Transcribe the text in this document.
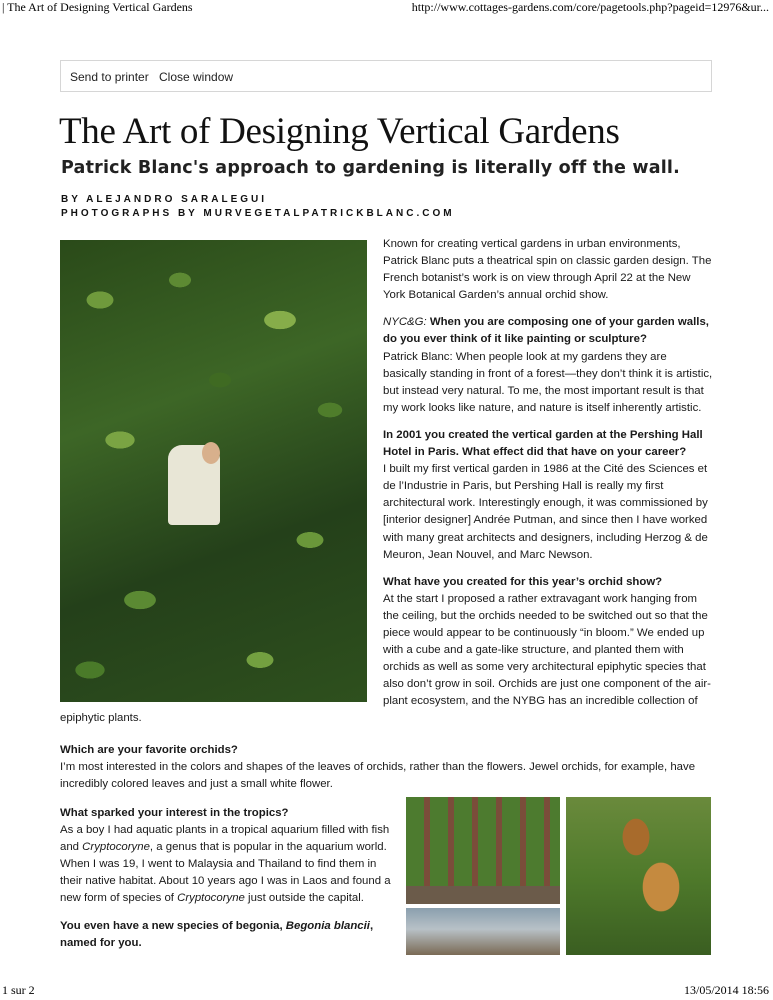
| The Art of Designing Vertical Gardens	http://www.cottages-gardens.com/core/pagetools.php?pageid=12976&ur...
Send to printer Close window
The Art of Designing Vertical Gardens
Patrick Blanc's approach to gardening is literally off the wall.
BY ALEJANDRO SARALEGUI
PHOTOGRAPHS BY MURVEGETALPATRICKBLANC.COM

Known for creating vertical gardens in urban environments, Patrick Blanc puts a theatrical spin on classic garden design. The French botanist’s work is on view through April 22 at the New York Botanical Garden’s annual orchid show.

NYC&G: When you are composing one of your garden walls, do you ever think of it like painting or sculpture?
Patrick Blanc: When people look at my gardens they are basically standing in front of a forest—they don’t think it is artistic, but instead very natural. To me, the most important result is that my work looks like nature, and nature is itself inherently artistic.

In 2001 you created the vertical garden at the Pershing Hall Hotel in Paris. What effect did that have on your career?
I built my first vertical garden in 1986 at the Cité des Sciences et de l’Industrie in Paris, but Pershing Hall is really my first architectural work. Interestingly enough, it was commissioned by [interior designer] Andrée Putman, and since then I have worked with many great architects and designers, including Herzog & de Meuron, Jean Nouvel, and Marc Newson.

What have you created for this year’s orchid show?
At the start I proposed a rather extravagant work hanging from the ceiling, but the orchids needed to be switched out so that the piece would appear to be continuously “in bloom.” We ended up with a cube and a gate-like structure, and planted them with orchids as well as some very architectural epiphytic species that also don’t grow in soil. Orchids are just one component of the air-plant ecosystem, and the NYBG has an incredible collection of

epiphytic plants.

Which are your favorite orchids?

I’m most interested in the colors and shapes of the leaves of orchids, rather than the flowers. Jewel orchids, for example, have incredibly colored leaves and just a small white flower.

What sparked your interest in the tropics?
As a boy I had aquatic plants in a tropical aquarium filled with fish and Cryptocoryne, a genus that is popular in the aquarium world. When I was 19, I went to Malaysia and Thailand to find them in their native habitat. About 10 years ago I was in Laos and found a new form of species of Cryptocoryne just outside the capital.

You even have a new species of begonia, Begonia blancii, named for you.

1 sur 2	13/05/2014 18:56
